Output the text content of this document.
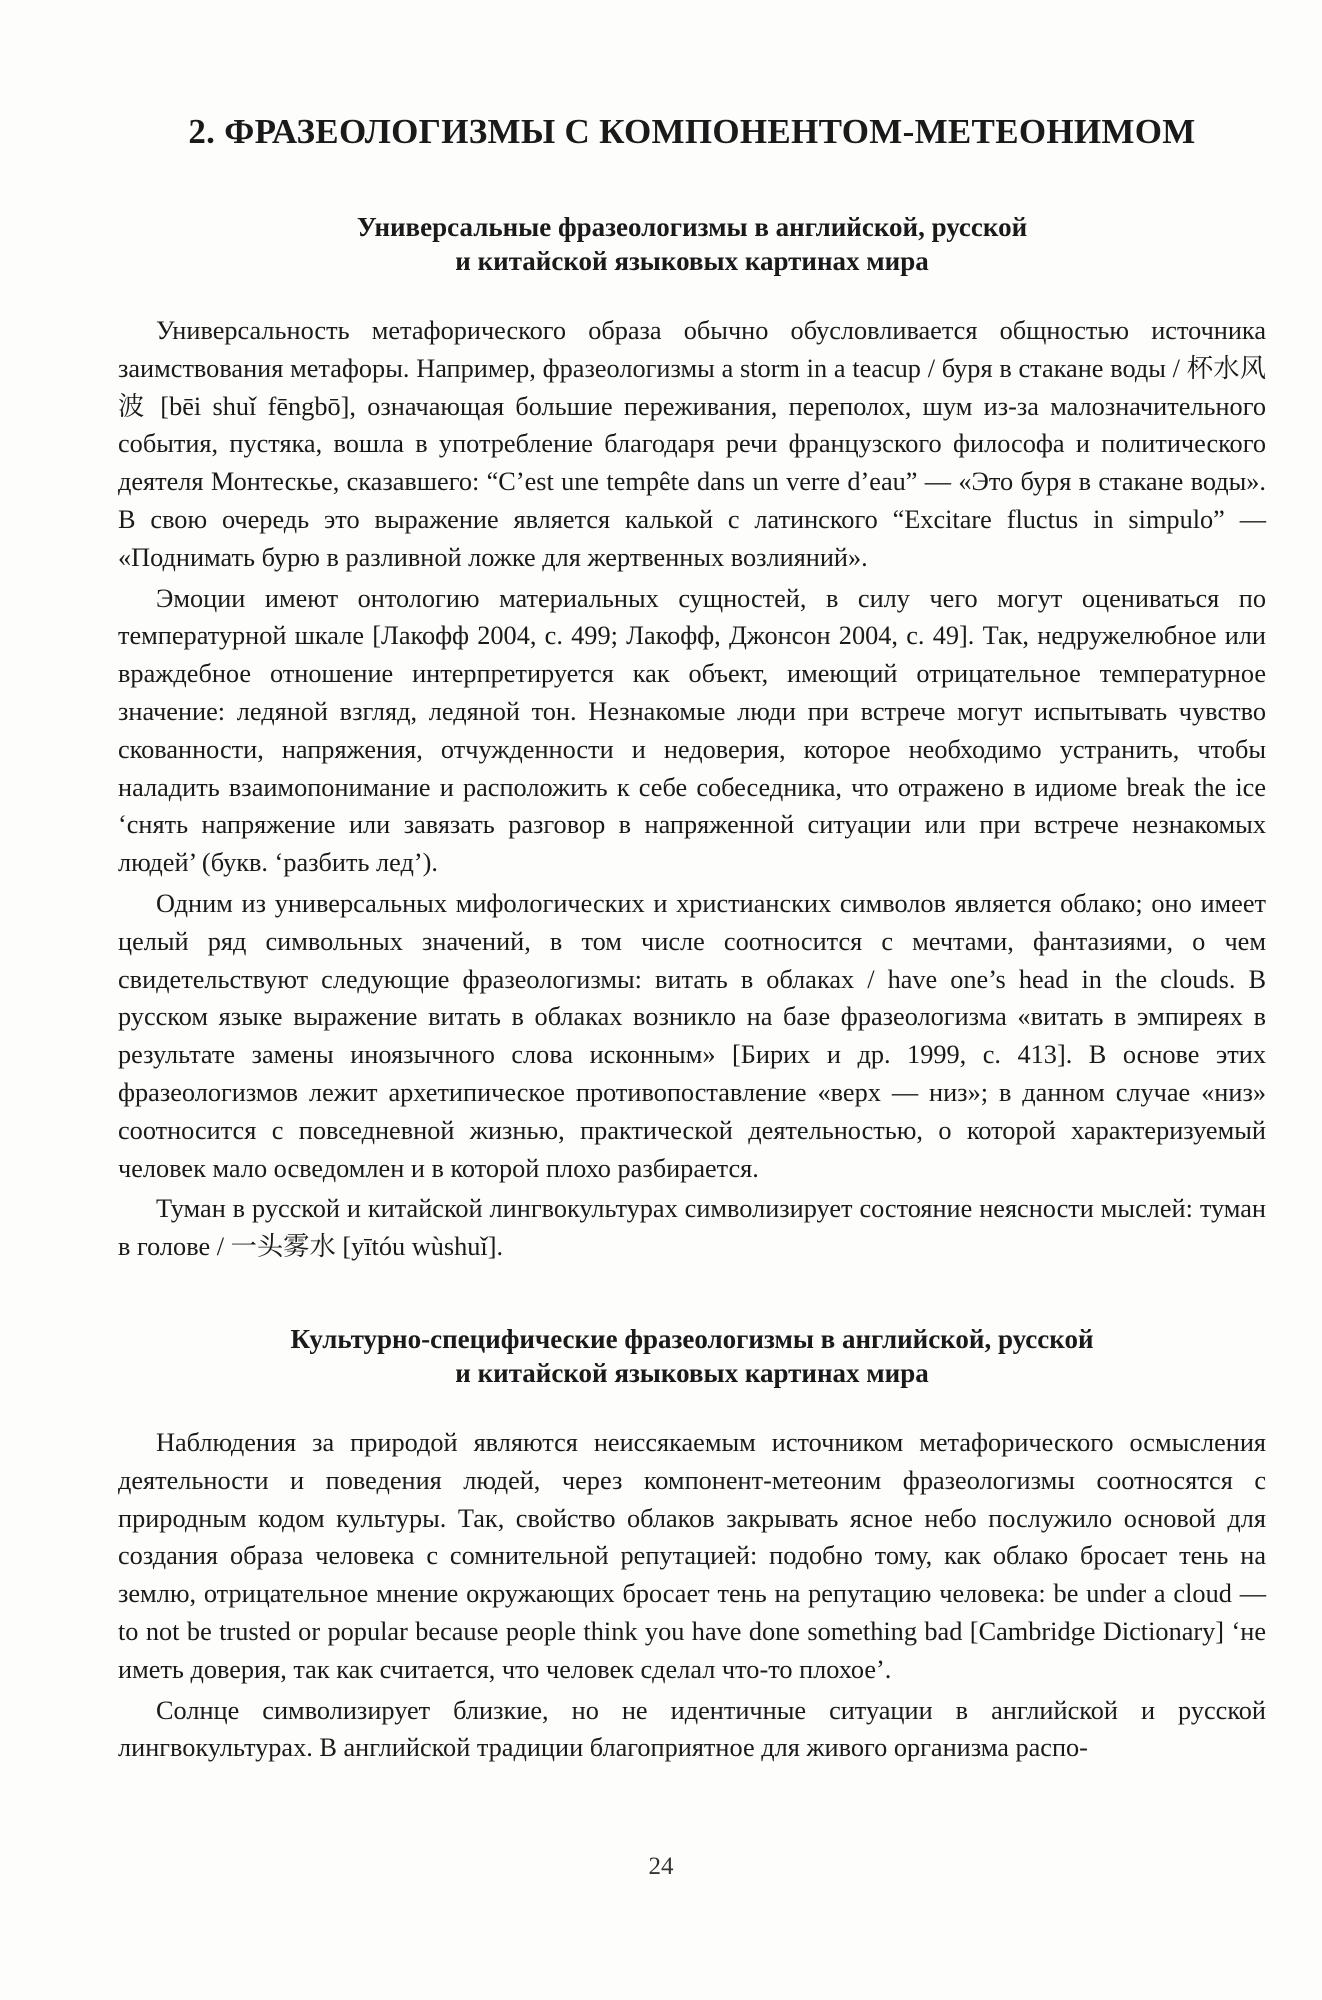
2. ФРАЗЕОЛОГИЗМЫ С КОМПОНЕНТОМ-МЕТЕОНИМОМ
Универсальные фразеологизмы в английской, русской
и китайской языковых картинах мира

Универсальность метафорического образа обычно обусловливается общностью источника заимствования метафоры. Например, фразеологизмы a storm in a teacup / буря в стакане воды / 杯水风波 [bēi shuǐ fēngbō], означающая большие переживания, переполох, шум из-за малозначительного события, пустяка, вошла в употребление благодаря речи французского философа и политического деятеля Монтескье, сказавшего: “C’est une tempête dans un verre d’eau” — «Это буря в стакане воды». В свою очередь это выражение является калькой с латинского “Excitare fluctus in simpulo” — «Поднимать бурю в разливной ложке для жертвенных возлияний».

Эмоции имеют онтологию материальных сущностей, в силу чего могут оцениваться по температурной шкале [Лакофф 2004, с. 499; Лакофф, Джонсон 2004, с. 49]. Так, недружелюбное или враждебное отношение интерпретируется как объект, имеющий отрицательное температурное значение: ледяной взгляд, ледяной тон. Незнакомые люди при встрече могут испытывать чувство скованности, напряжения, отчужденности и недоверия, которое необходимо устранить, чтобы наладить взаимопонимание и расположить к себе собеседника, что отражено в идиоме break the ice ‘снять напряжение или завязать разговор в напряженной ситуации или при встрече незнакомых людей’ (букв. ‘разбить лед’).

Одним из универсальных мифологических и христианских символов является облако; оно имеет целый ряд символьных значений, в том числе соотносится с мечтами, фантазиями, о чем свидетельствуют следующие фразеологизмы: витать в облаках / have one’s head in the clouds. В русском языке выражение витать в облаках возникло на базе фразеологизма «витать в эмпиреях в результате замены иноязычного слова исконным» [Бирих и др. 1999, с. 413]. В основе этих фразеологизмов лежит архетипическое противопоставление «верх — низ»; в данном случае «низ» соотносится с повседневной жизнью, практической деятельностью, о которой характеризуемый человек мало осведомлен и в которой плохо разбирается.

Туман в русской и китайской лингвокультурах символизирует состояние неясности мыслей: туман в голове / 一头雾水 [yītóu wùshuǐ].

Культурно-специфические фразеологизмы в английской, русской
и китайской языковых картинах мира

Наблюдения за природой являются неиссякаемым источником метафорического осмысления деятельности и поведения людей, через компонент-метеоним фразеологизмы соотносятся с природным кодом культуры. Так, свойство облаков закрывать ясное небо послужило основой для создания образа человека с сомнительной репутацией: подобно тому, как облако бросает тень на землю, отрицательное мнение окружающих бросает тень на репутацию человека: be under a cloud — to not be trusted or popular because people think you have done something bad [Cambridge Dictionary] ‘не иметь доверия, так как считается, что человек сделал что-то плохое’.

Солнце символизирует близкие, но не идентичные ситуации в английской и русской лингвокультурах. В английской традиции благоприятное для живого организма распо-

24
